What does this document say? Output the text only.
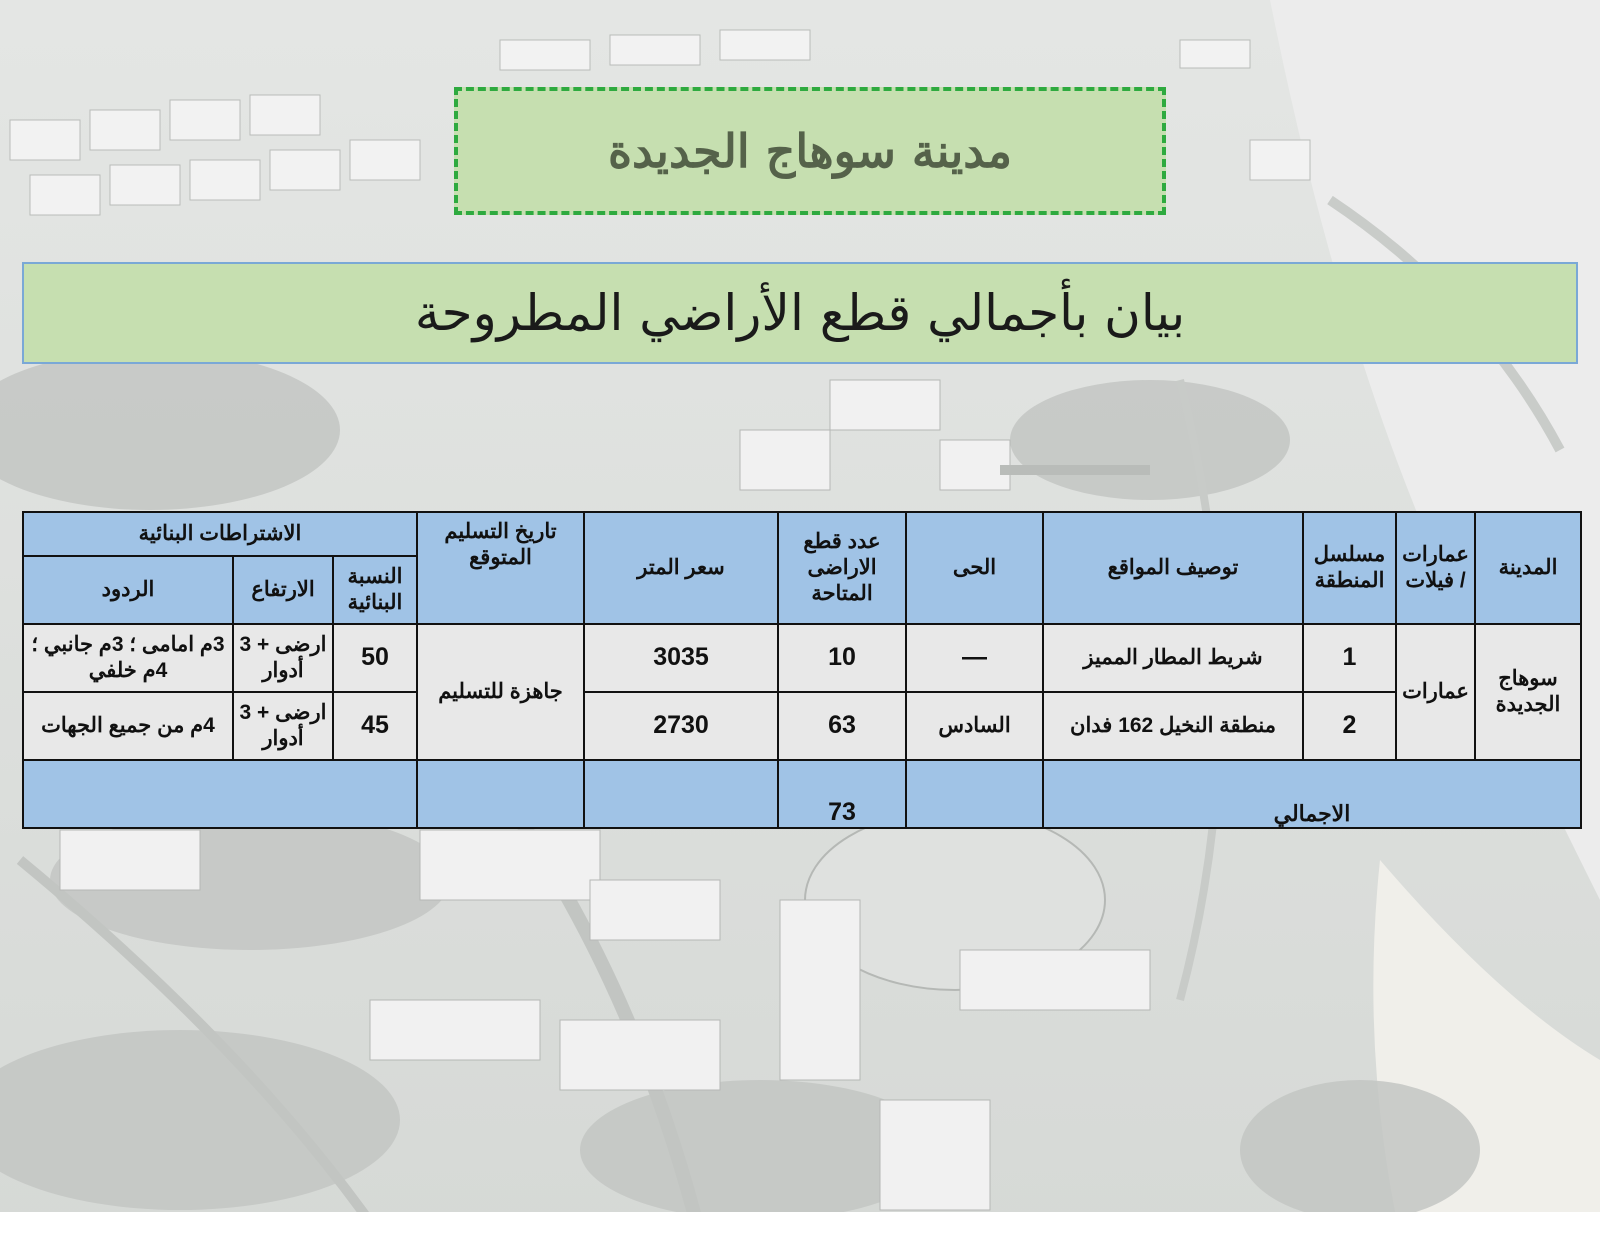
مدينة سوهاج الجديدة
بيان بأجمالي قطع الأراضي المطروحة
المدينة	عمارات / فيلات	مسلسل المنطقة	توصيف المواقع	الحى	عدد قطع الاراضى المتاحة	سعر المتر	تاريخ التسليم المتوقع	الاشتراطات البنائية		
								النسبة البنائية	الارتفاع	الردود
سوهاج الجديدة	عمارات	1	شريط المطار المميز	—	10	3035	جاهزة للتسليم	50	ارضى + 3 أدوار	3م امامى ؛ 3م جانبي ؛4م خلفي
		2	منطقة النخيل 162 فدان	السادس	63	2730		45	ارضى + 3 أدوار	4م من جميع الجهات
الاجمالي					73					
